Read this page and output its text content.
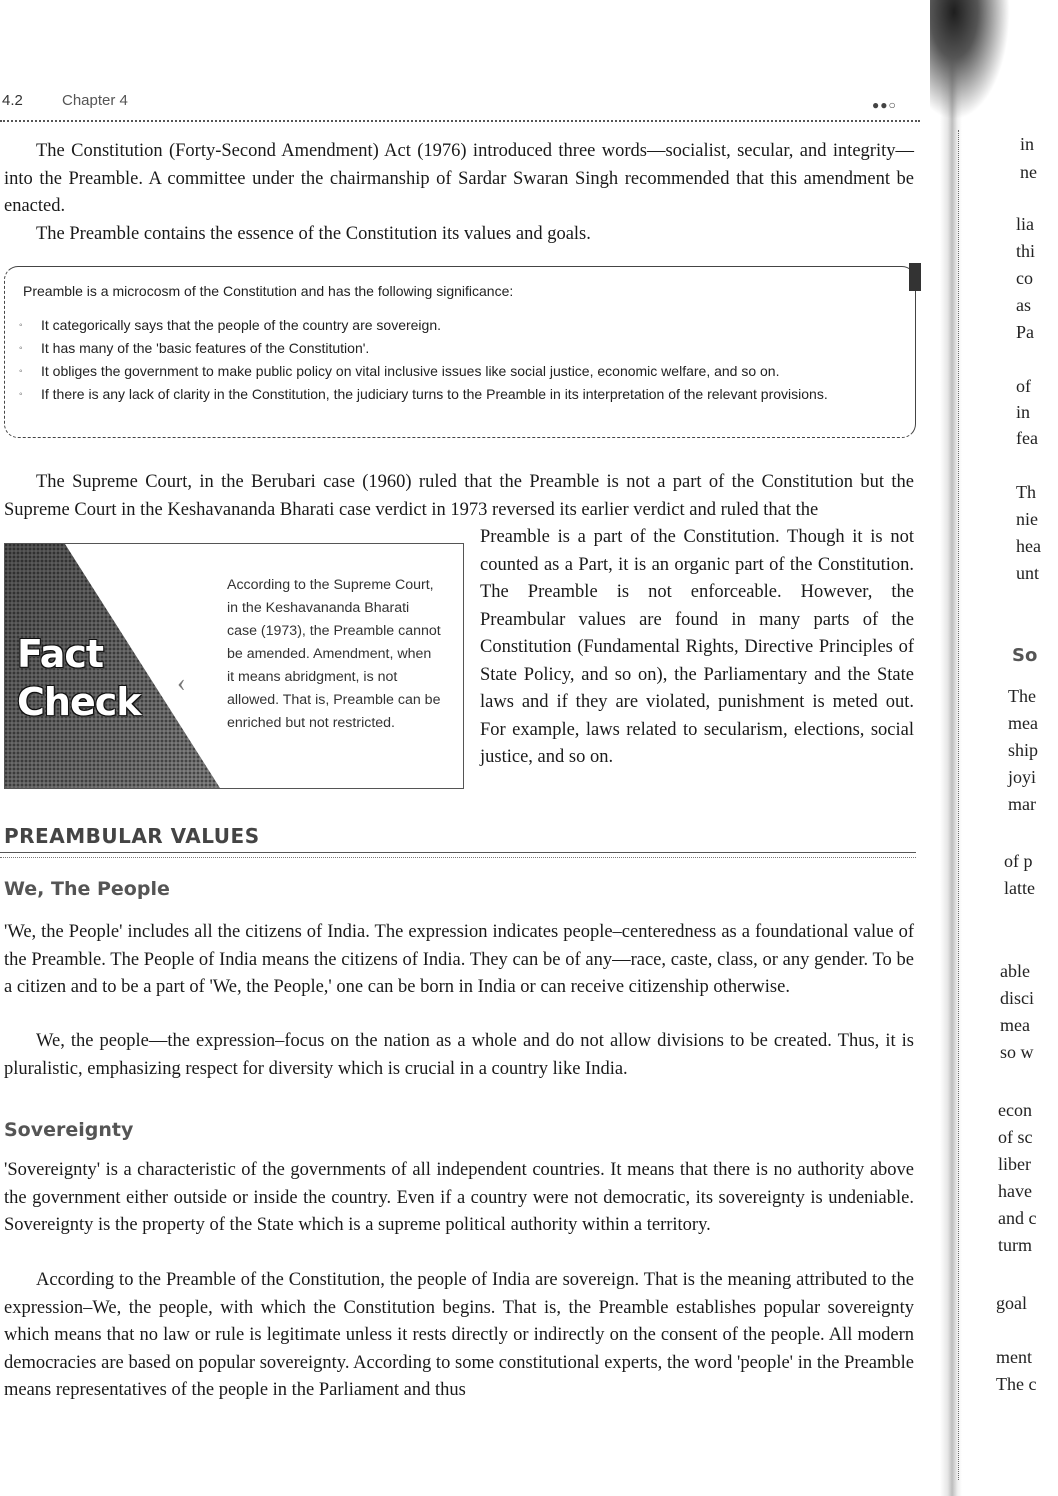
in
ne
lia
thi
co
as
Pa
of
in
fea
Th
nie
hea
unt
So
The
mea
ship
joyi
mar
of p
latte
able
disci
mea
so w
econ
of sc
liber
have
and c
turm
goal
ment
The c
4.2	Chapter 4	●●○
The Constitution (Forty-Second Amendment) Act (1976) introduced three words—socialist, secular, and integrity—into the Preamble. A committee under the chairmanship of Sardar Swaran Singh recommended that this amendment be enacted.
The Preamble contains the essence of the Constitution its values and goals.
Preamble is a microcosm of the Constitution and has the following significance:
◦ It categorically says that the people of the country are sovereign.
◦ It has many of the 'basic features of the Constitution'.
◦ It obliges the government to make public policy on vital inclusive issues like social justice, economic welfare, and so on.
◦ If there is any lack of clarity in the Constitution, the judiciary turns to the Preamble in its interpretation of the relevant provisions.
The Supreme Court, in the Berubari case (1960) ruled that the Preamble is not a part of the Constitution but the Supreme Court in the Keshavananda Bharati case verdict in 1973 reversed its earlier verdict and ruled that the
Preamble is a part of the Constitution. Though it is not counted as a Part, it is an organic part of the Constitution. The Preamble is not enforceable. However, the Preambular values are found in many parts of the Constitution (Fundamental Rights, Directive Principles of State Policy, and so on), the Parliamentary and the State laws and if they are violated, punishment is meted out. For example, laws related to secularism, elections, social justice, and so on.
Fact
Check ‹
According to the Supreme Court, in the Keshavananda Bharati case (1973), the Preamble cannot be amended. Amendment, when it means abridgment, is not allowed. That is, Preamble can be enriched but not restricted.
PREAMBULAR VALUES
We, The People
'We, the People' includes all the citizens of India. The expression indicates people–centeredness as a foundational value of the Preamble. The People of India means the citizens of India. They can be of any—race, caste, class, or any gender. To be a citizen and to be a part of 'We, the People,' one can be born in India or can receive citizenship otherwise.
We, the people—the expression–focus on the nation as a whole and do not allow divisions to be created. Thus, it is pluralistic, emphasizing respect for diversity which is crucial in a country like India.
Sovereignty
'Sovereignty' is a characteristic of the governments of all independent countries. It means that there is no authority above the government either outside or inside the country. Even if a country were not democratic, its sovereignty is undeniable. Sovereignty is the property of the State which is a supreme political authority within a territory.
According to the Preamble of the Constitution, the people of India are sovereign. That is the meaning attributed to the expression–We, the people, with which the Constitution begins. That is, the Preamble establishes popular sovereignty which means that no law or rule is legitimate unless it rests directly or indirectly on the consent of the people. All modern democracies are based on popular sovereignty. According to some constitutional experts, the word 'people' in the Preamble means representatives of the people in the Parliament and thus
